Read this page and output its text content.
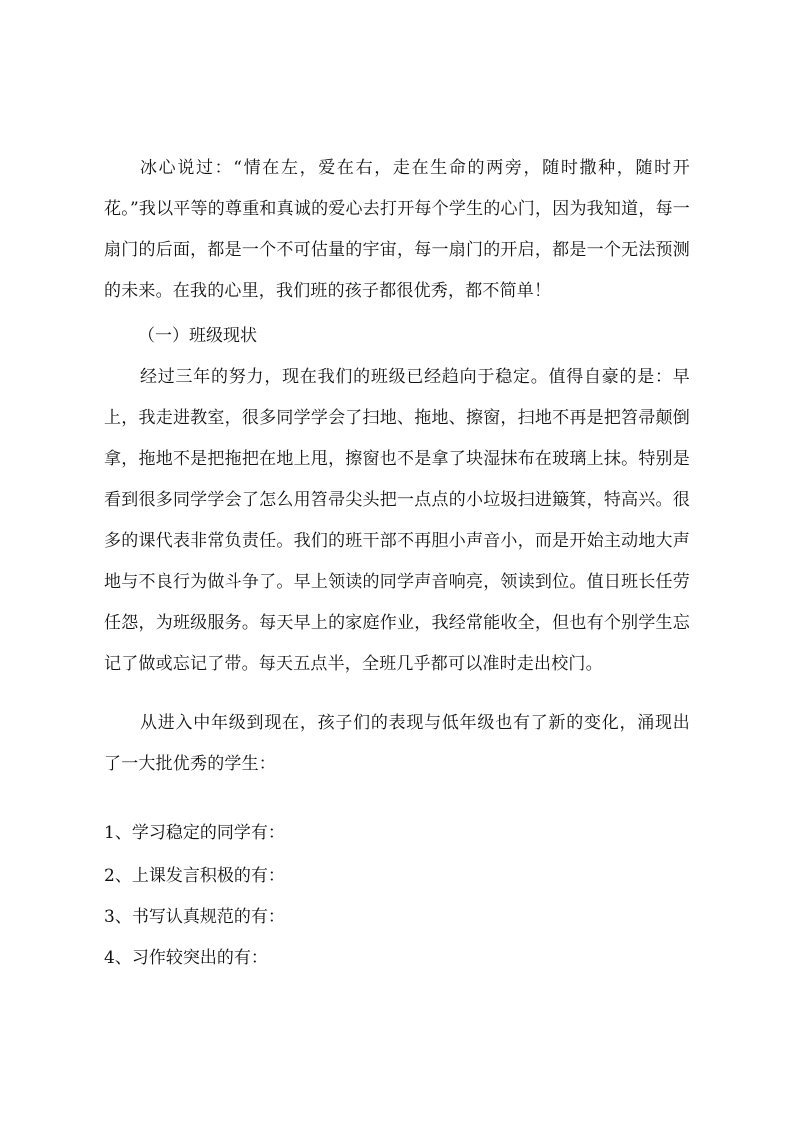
冰心说过：“情在左，爱在右，走在生命的两旁，随时撒种，随时开花。”我以平等的尊重和真诚的爱心去打开每个学生的心门，因为我知道，每一扇门的后面，都是一个不可估量的宇宙，每一扇门的开启，都是一个无法预测的未来。在我的心里，我们班的孩子都很优秀，都不简单！

（一）班级现状

经过三年的努力，现在我们的班级已经趋向于稳定。值得自豪的是：早上，我走进教室，很多同学学会了扫地、拖地、擦窗，扫地不再是把笤帚颠倒拿，拖地不是把拖把在地上甩，擦窗也不是拿了块湿抹布在玻璃上抹。特别是看到很多同学学会了怎么用笤帚尖头把一点点的小垃圾扫进簸箕，特高兴。很多的课代表非常负责任。我们的班干部不再胆小声音小，而是开始主动地大声地与不良行为做斗争了。早上领读的同学声音响亮，领读到位。值日班长任劳任怨，为班级服务。每天早上的家庭作业，我经常能收全，但也有个别学生忘记了做或忘记了带。每天五点半，全班几乎都可以准时走出校门。

从进入中年级到现在，孩子们的表现与低年级也有了新的变化，涌现出了一大批优秀的学生：

1、学习稳定的同学有：

2、上课发言积极的有：

3、书写认真规范的有：

4、习作较突出的有：
